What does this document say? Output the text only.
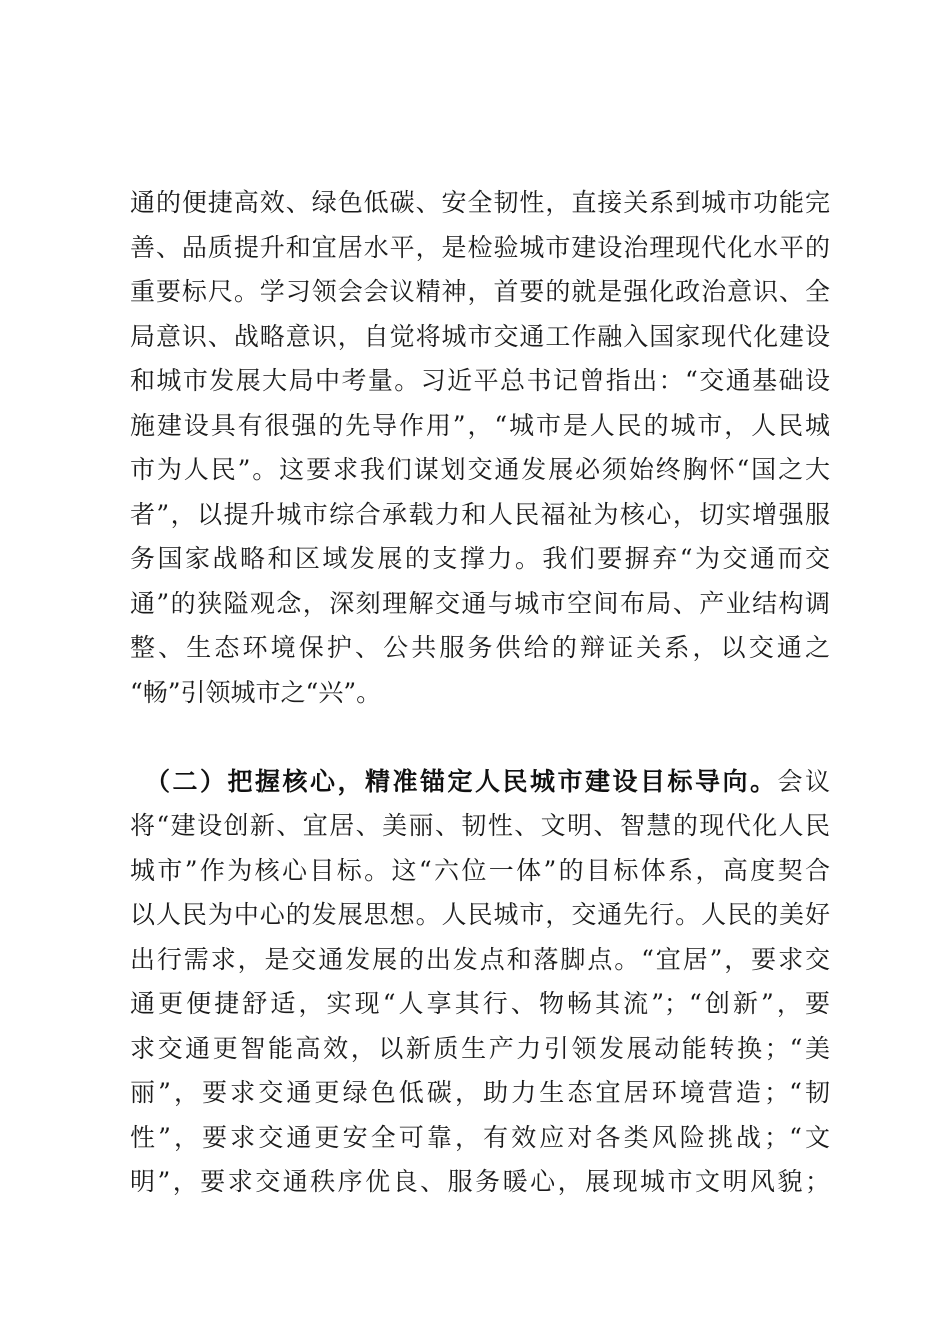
通的便捷高效、绿色低碳、安全韧性，直接关系到城市功能完
善、品质提升和宜居水平，是检验城市建设治理现代化水平的
重要标尺。学习领会会议精神，首要的就是强化政治意识、全
局意识、战略意识，自觉将城市交通工作融入国家现代化建设
和城市发展大局中考量。习近平总书记曾指出：“交通基础设
施建设具有很强的先导作用”，“城市是人民的城市，人民城
市为人民”。这要求我们谋划交通发展必须始终胸怀“国之大
者”，以提升城市综合承载力和人民福祉为核心，切实增强服
务国家战略和区域发展的支撑力。我们要摒弃“为交通而交
通”的狭隘观念，深刻理解交通与城市空间布局、产业结构调
整、生态环境保护、公共服务供给的辩证关系，以交通之
“畅”引领城市之“兴”。
　（二）把握核心，精准锚定人民城市建设目标导向。会议
将“建设创新、宜居、美丽、韧性、文明、智慧的现代化人民
城市”作为核心目标。这“六位一体”的目标体系，高度契合
以人民为中心的发展思想。人民城市，交通先行。人民的美好
出行需求，是交通发展的出发点和落脚点。“宜居”，要求交
通更便捷舒适，实现“人享其行、物畅其流”；“创新”，要
求交通更智能高效，以新质生产力引领发展动能转换；“美
丽”，要求交通更绿色低碳，助力生态宜居环境营造；“韧
性”，要求交通更安全可靠，有效应对各类风险挑战；“文
明”，要求交通秩序优良、服务暖心，展现城市文明风貌；
